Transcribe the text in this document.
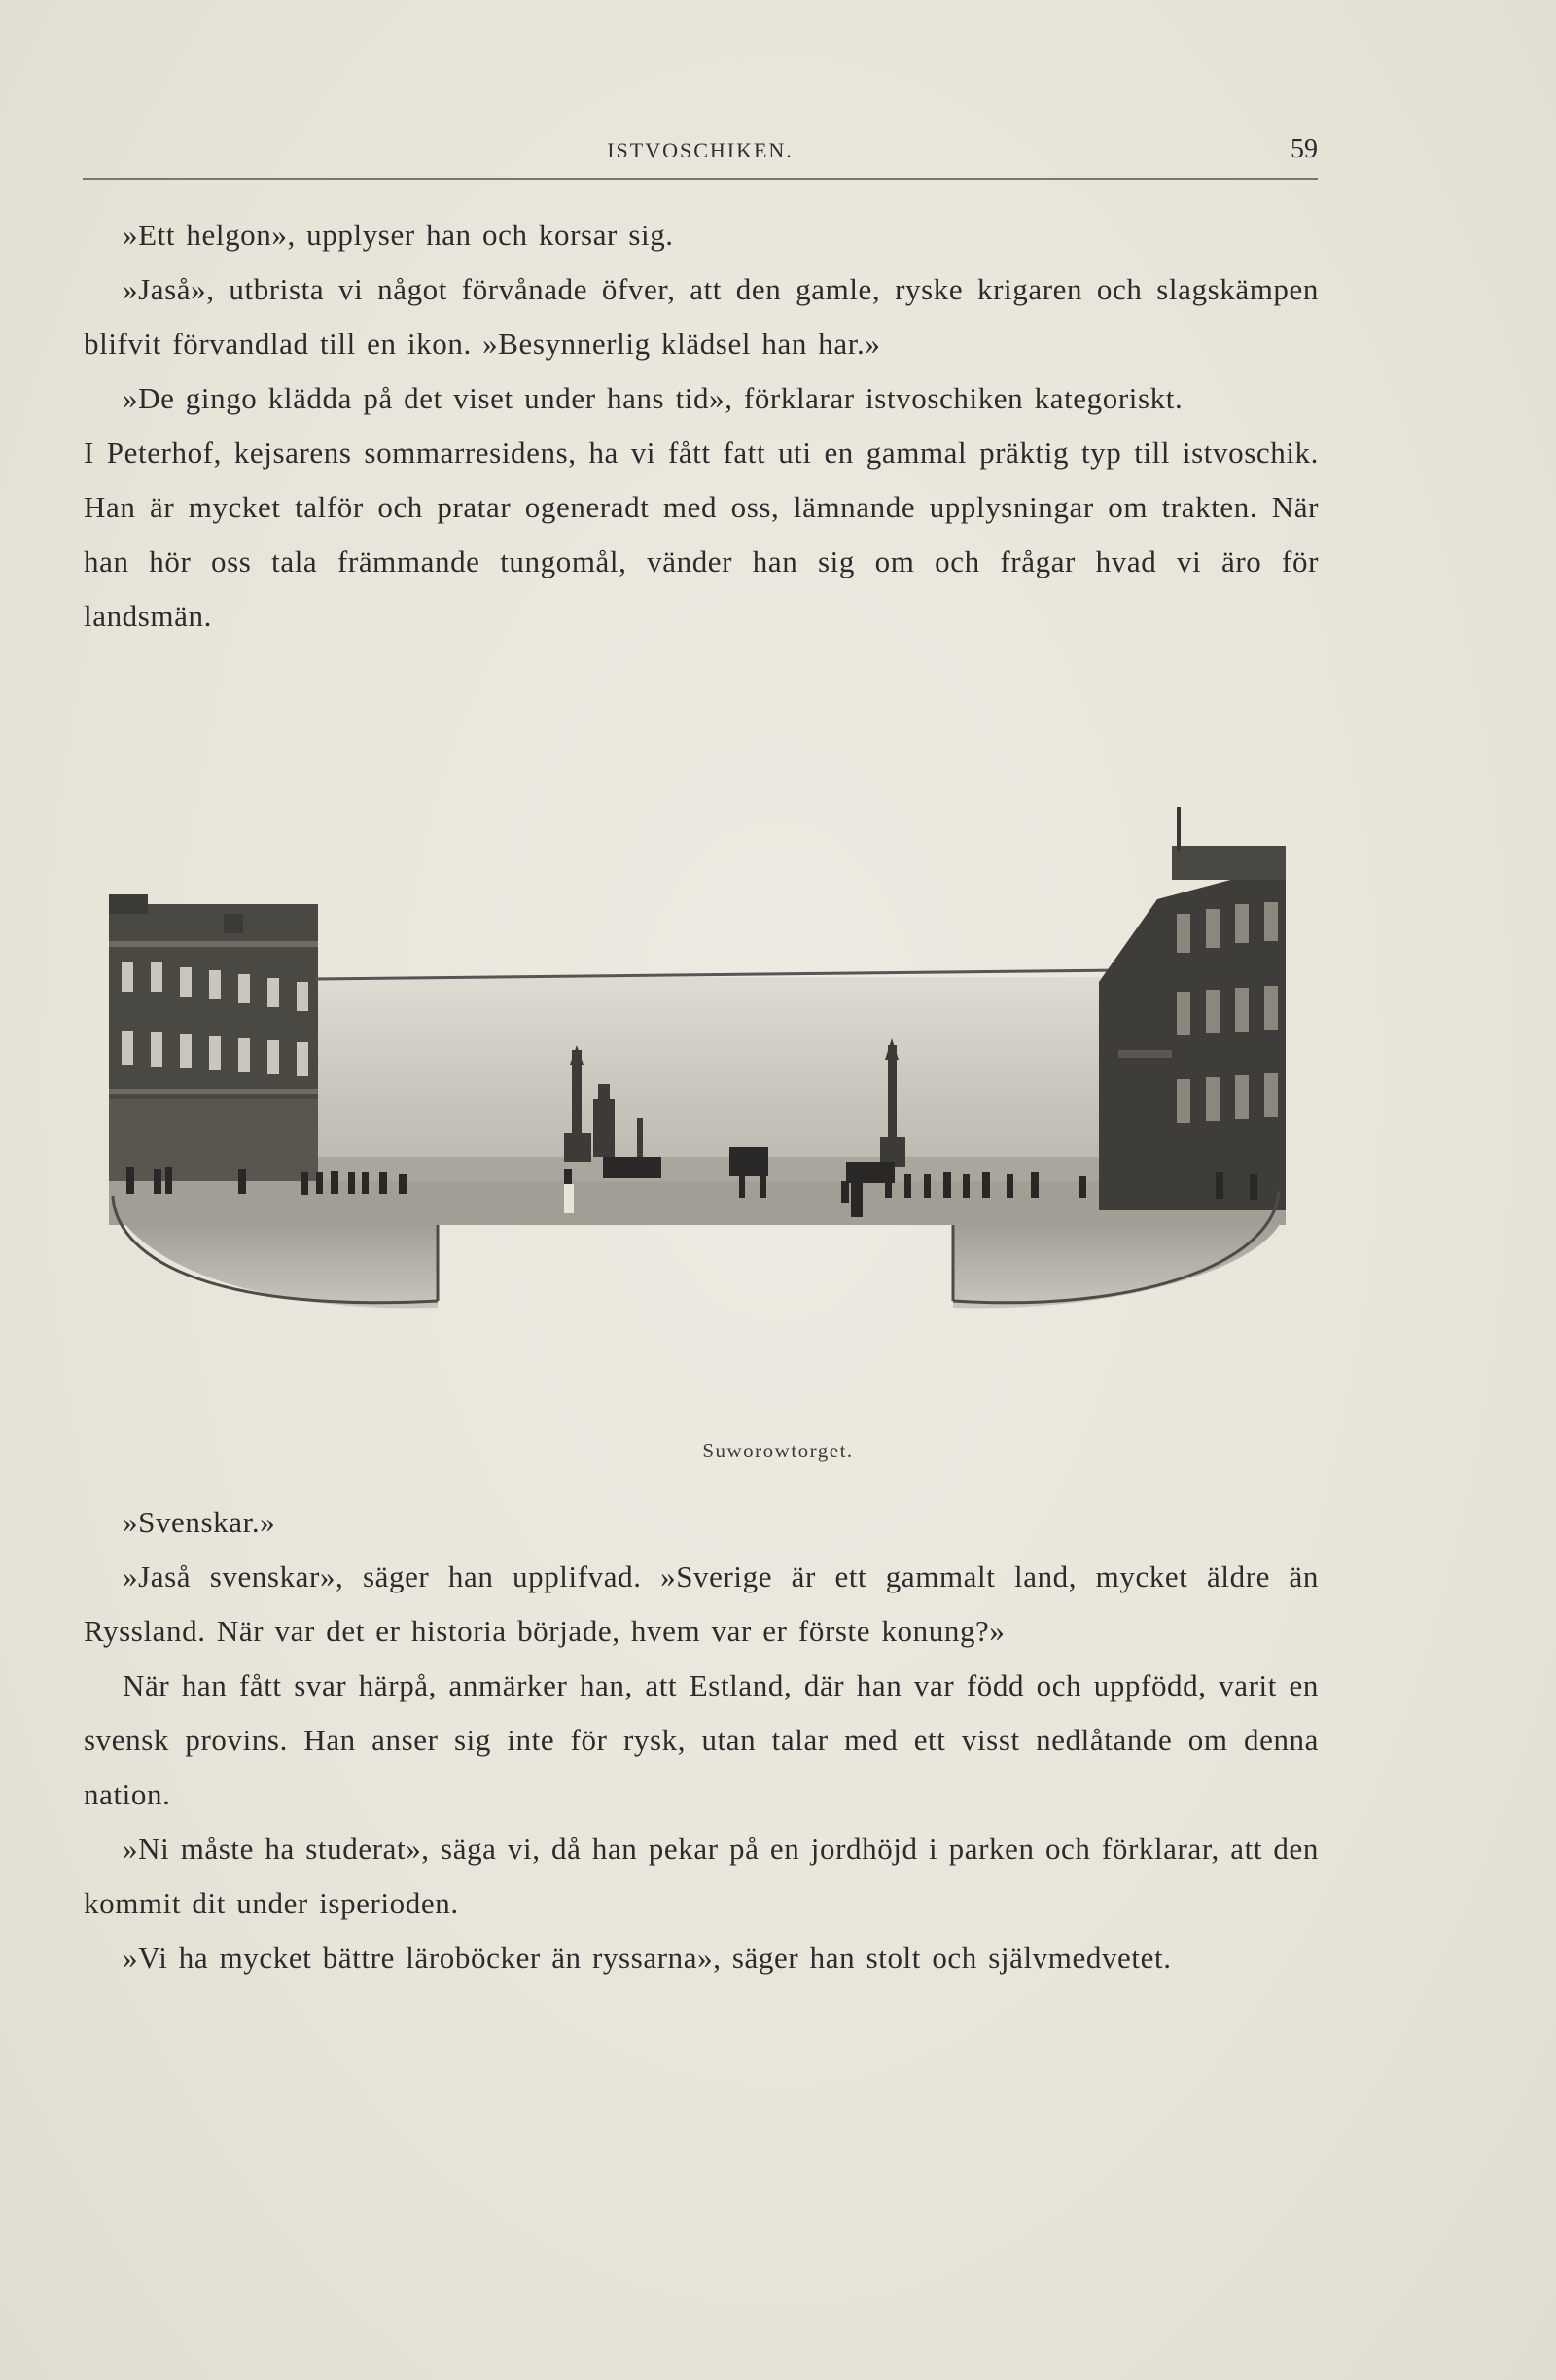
ISTVOSCHIKEN.	59

»Ett helgon», upplyser han och korsar sig.

»Jaså», utbrista vi något förvånade öfver, att den gamle, ryske krigaren och slagskämpen blifvit förvandlad till en ikon. »Besynnerlig klädsel han har.»

»De gingo klädda på det viset under hans tid», förklarar istvoschiken kategoriskt.

I Peterhof, kejsarens sommarresidens, ha vi fått fatt uti en gammal präktig typ till istvoschik. Han är mycket talför och pratar ogeneradt med oss, lämnande upplysningar om trakten. När han hör oss tala främmande tungomål, vänder han sig om och frågar hvad vi äro för landsmän.

Suworowtorget.

»Svenskar.»

»Jaså svenskar», säger han upplifvad. »Sverige är ett gammalt land, mycket äldre än Ryssland. När var det er historia började, hvem var er förste konung?»

När han fått svar härpå, anmärker han, att Estland, där han var född och uppfödd, varit en svensk provins. Han anser sig inte för rysk, utan talar med ett visst nedlåtande om denna nation.

»Ni måste ha studerat», säga vi, då han pekar på en jordhöjd i parken och förklarar, att den kommit dit under isperioden.

»Vi ha mycket bättre läroböcker än ryssarna», säger han stolt och självmedvetet.
